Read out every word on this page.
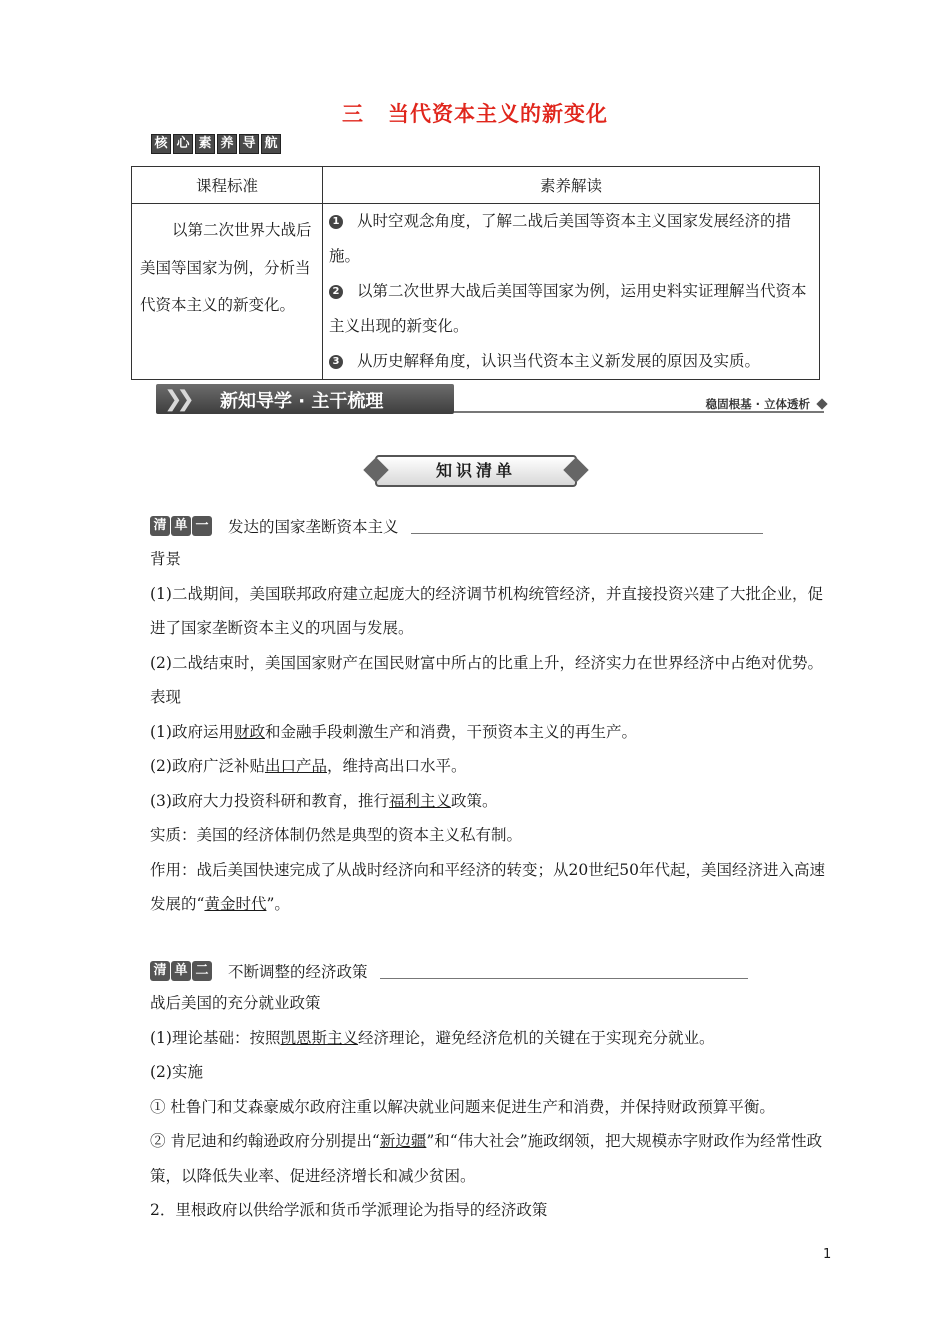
三 当代资本主义的新变化
核 心 素 养 导 航
课程标准	素养解读
以第二次世界大战后美国等国家为例，分析当代资本主义的新变化。	1 从时空观念角度，了解二战后美国等资本主义国家发展经济的措施。
2 以第二次世界大战后美国等国家为例，运用史料实证理解当代资本主义出现的新变化。
3 从历史解释角度，认识当代资本主义新发展的原因及实质。
❯❯ 新知导学 · 主干梳理	稳固根基 · 立体透析
知识清单
清 单 一 发达的国家垄断资本主义
背景
(1)二战期间，美国联邦政府建立起庞大的经济调节机构统管经济，并直接投资兴建了大批企业，促进了国家垄断资本主义的巩固与发展。
(2)二战结束时，美国国家财产在国民财富中所占的比重上升，经济实力在世界经济中占绝对优势。
表现
(1)政府运用财政和金融手段刺激生产和消费，干预资本主义的再生产。
(2)政府广泛补贴出口产品，维持高出口水平。
(3)政府大力投资科研和教育，推行福利主义政策。
实质：美国的经济体制仍然是典型的资本主义私有制。
作用：战后美国快速完成了从战时经济向和平经济的转变；从20世纪50年代起，美国经济进入高速发展的“黄金时代”。
清 单 二 不断调整的经济政策
战后美国的充分就业政策
(1)理论基础：按照凯恩斯主义经济理论，避免经济危机的关键在于实现充分就业。
(2)实施
① 杜鲁门和艾森豪威尔政府注重以解决就业问题来促进生产和消费，并保持财政预算平衡。
② 肯尼迪和约翰逊政府分别提出“新边疆”和“伟大社会”施政纲领，把大规模赤字财政作为经常性政策，以降低失业率、促进经济增长和减少贫困。
2．里根政府以供给学派和货币学派理论为指导的经济政策
1
